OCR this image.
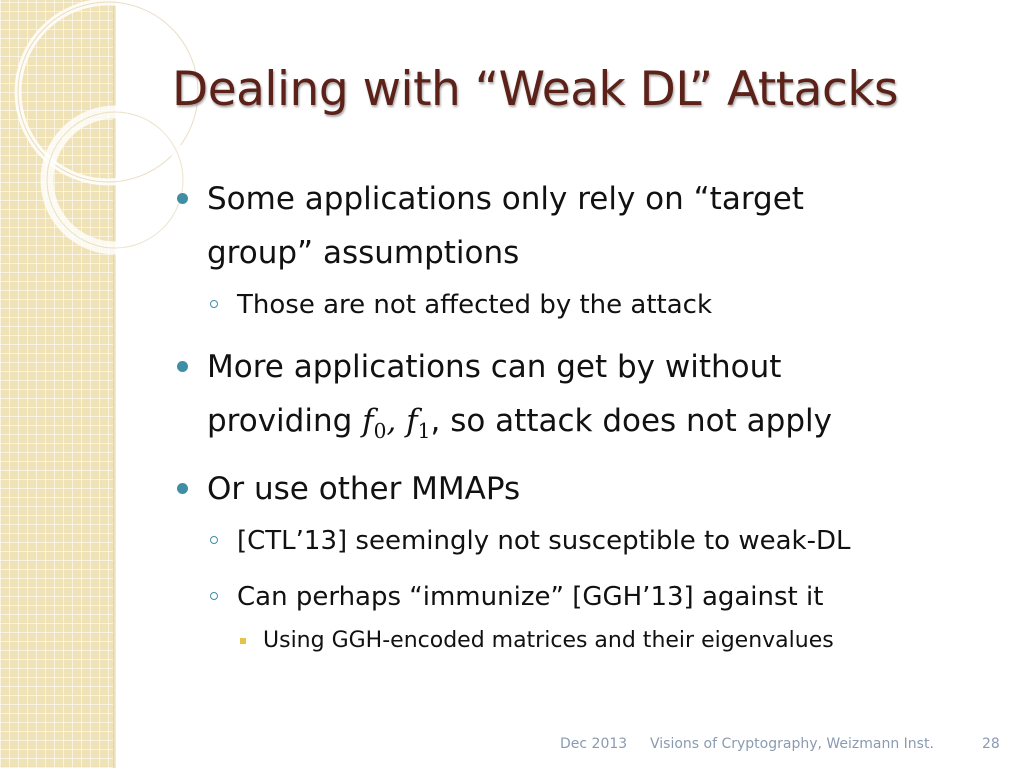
Dealing with “Weak DL” Attacks
Some applications only rely on “target
group” assumptions
Those are not affected by the attack
More applications can get by without
providing $f_0$, $f_1$, so attack does not apply
Or use other MMAPs
[CTL’13] seemingly not susceptible to weak-DL
Can perhaps “immunize” [GGH’13] against it
Using GGH-encoded matrices and their eigenvalues
Dec 2013 Visions of Cryptography, Weizmann Inst.	28
